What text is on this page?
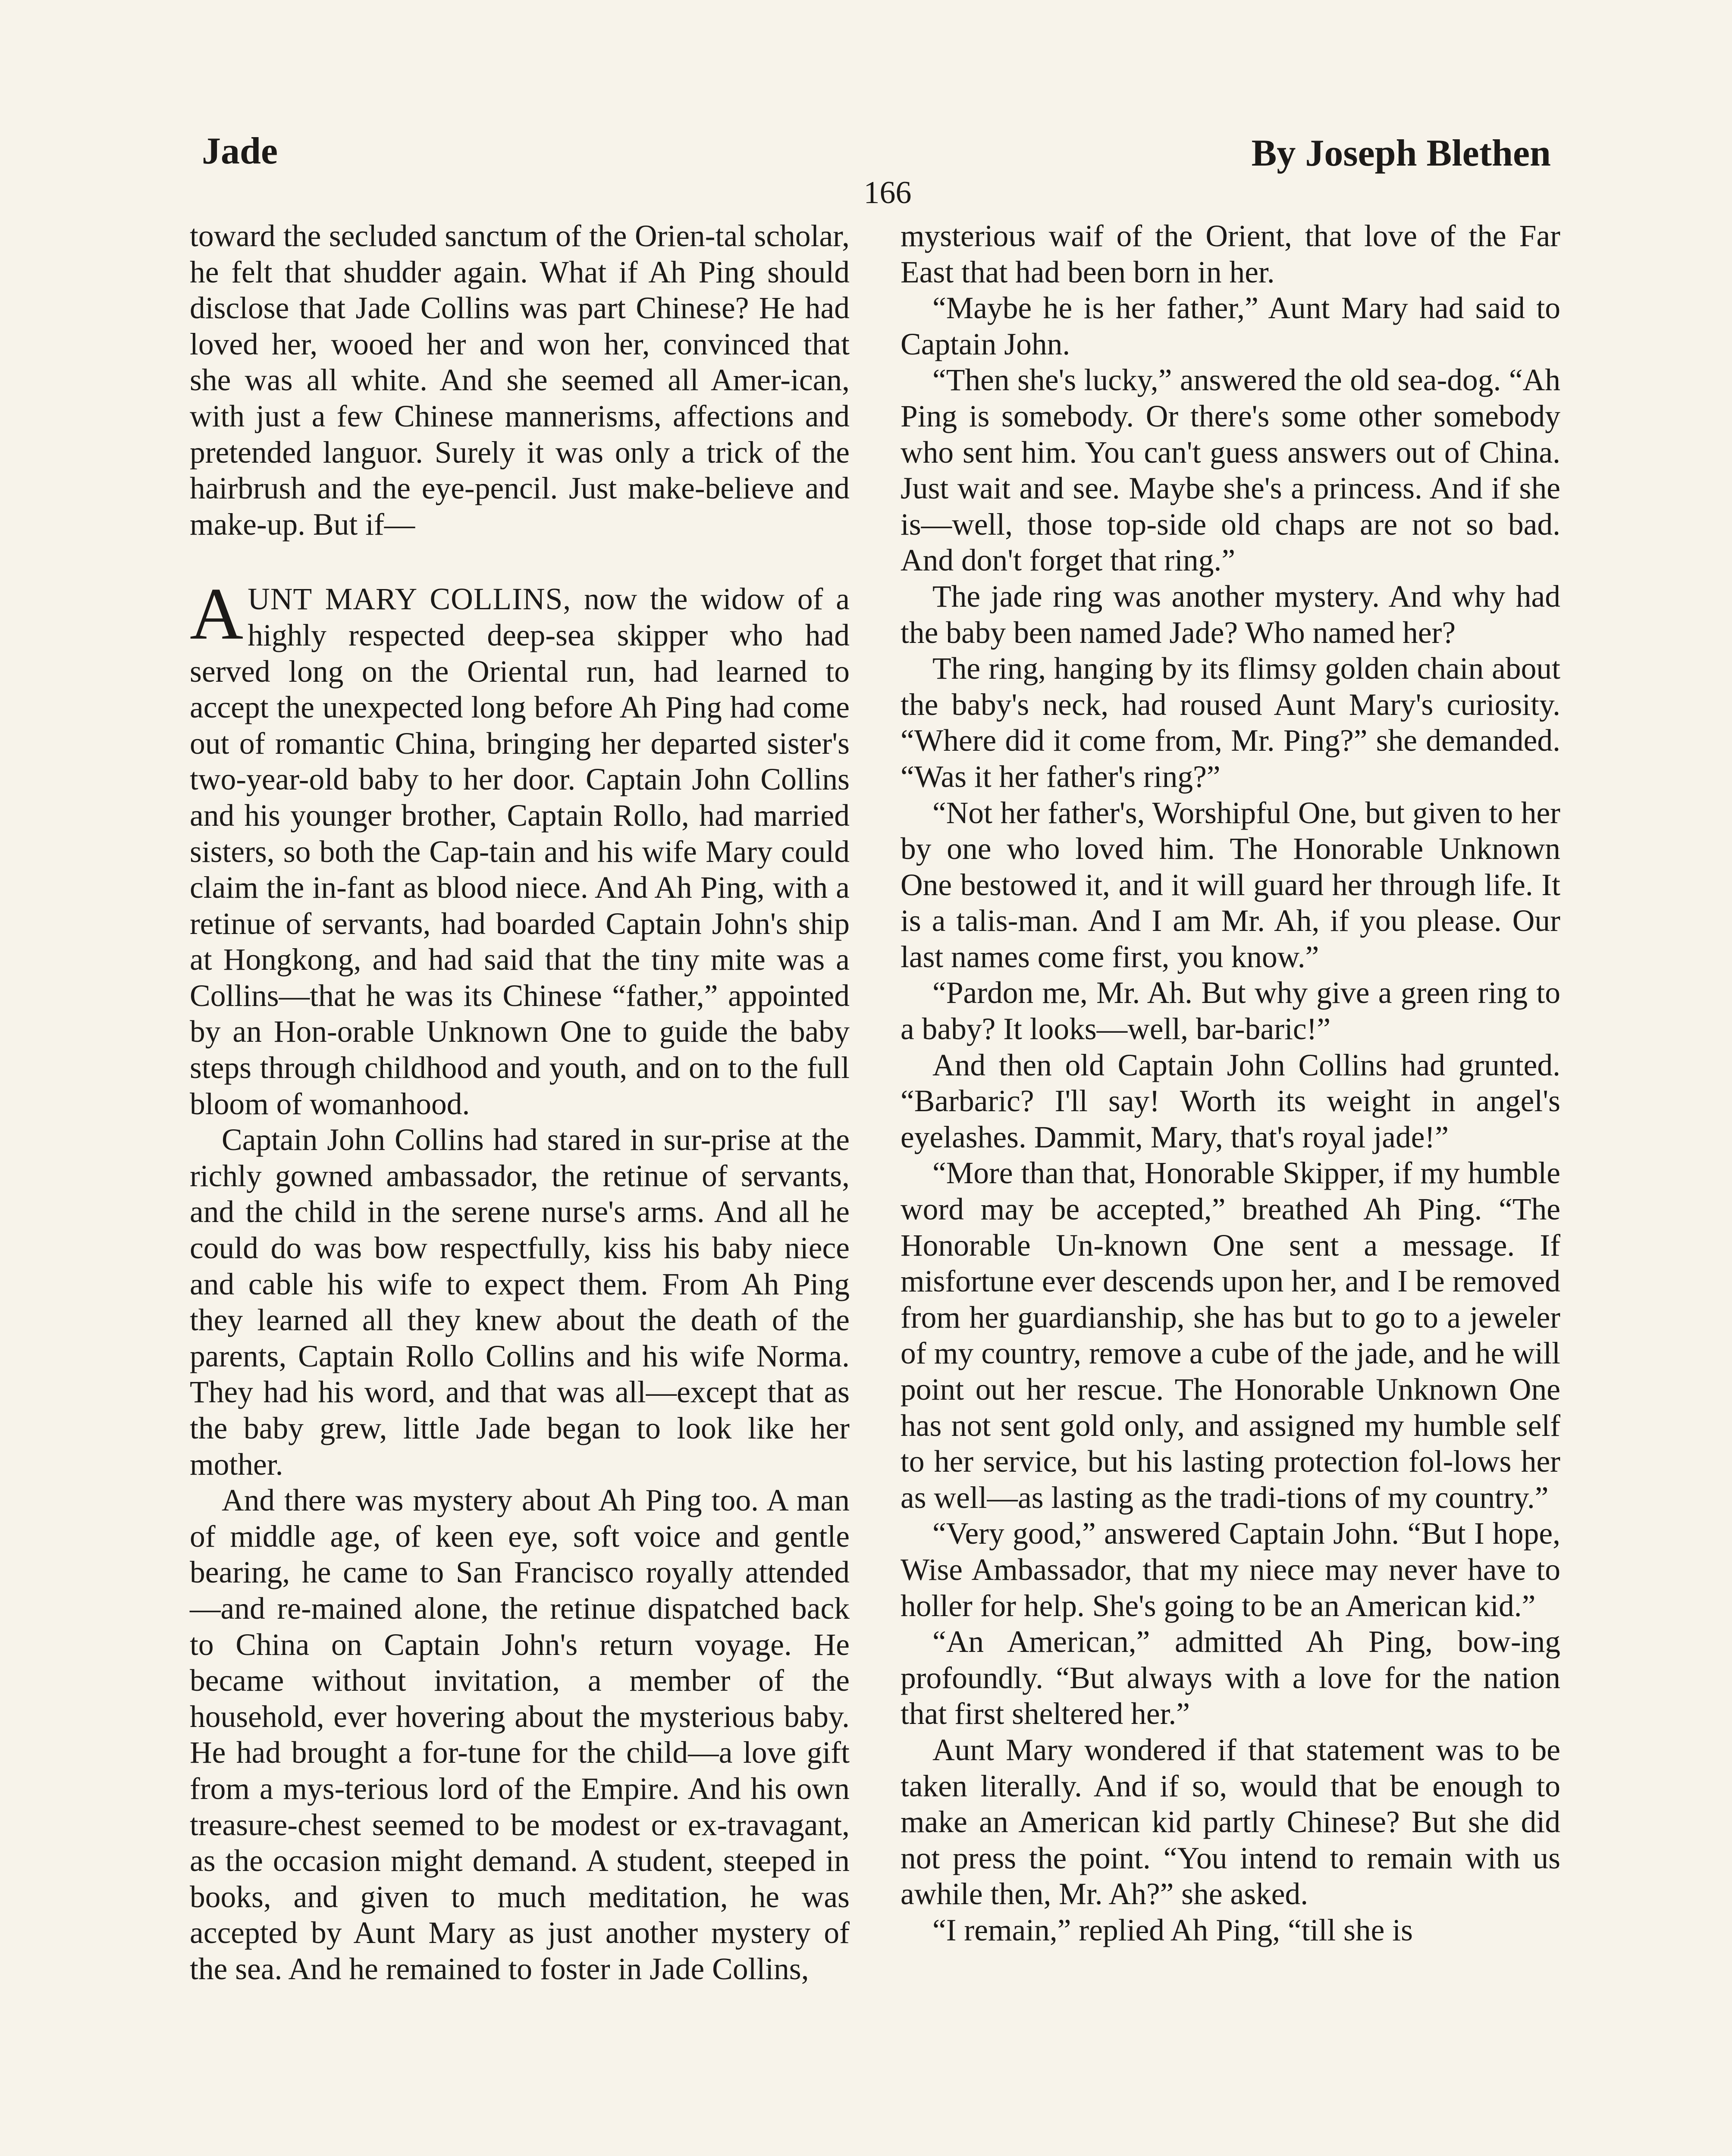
Jade	By Joseph Blethen
166

toward the secluded sanctum of the Orien-tal scholar, he felt that shudder again. What if Ah Ping should disclose that Jade Collins was part Chinese? He had loved her, wooed her and won her, convinced that she was all white. And she seemed all Amer-ican, with just a few Chinese mannerisms, affections and pretended languor. Surely it was only a trick of the hairbrush and the eye-pencil. Just make-believe and make-up. But if—

AUNT MARY COLLINS, now the widow of a highly respected deep-sea skipper who had served long on the Oriental run, had learned to accept the unexpected long before Ah Ping had come out of romantic China, bringing her departed sister's two-year-old baby to her door. Captain John Collins and his younger brother, Captain Rollo, had married sisters, so both the Cap-tain and his wife Mary could claim the in-fant as blood niece. And Ah Ping, with a retinue of servants, had boarded Captain John's ship at Hongkong, and had said that the tiny mite was a Collins—that he was its Chinese “father,” appointed by an Hon-orable Unknown One to guide the baby steps through childhood and youth, and on to the full bloom of womanhood.

Captain John Collins had stared in sur-prise at the richly gowned ambassador, the retinue of servants, and the child in the serene nurse's arms. And all he could do was bow respectfully, kiss his baby niece and cable his wife to expect them. From Ah Ping they learned all they knew about the death of the parents, Captain Rollo Collins and his wife Norma. They had his word, and that was all—except that as the baby grew, little Jade began to look like her mother.

And there was mystery about Ah Ping too. A man of middle age, of keen eye, soft voice and gentle bearing, he came to San Francisco royally attended—and re-mained alone, the retinue dispatched back to China on Captain John's return voyage. He became without invitation, a member of the household, ever hovering about the mysterious baby. He had brought a for-tune for the child—a love gift from a mys-terious lord of the Empire. And his own treasure-chest seemed to be modest or ex-travagant, as the occasion might demand. A student, steeped in books, and given to much meditation, he was accepted by Aunt Mary as just another mystery of the sea. And he remained to foster in Jade Collins,

mysterious waif of the Orient, that love of the Far East that had been born in her.

“Maybe he is her father,” Aunt Mary had said to Captain John.

“Then she's lucky,” answered the old sea-dog. “Ah Ping is somebody. Or there's some other somebody who sent him. You can't guess answers out of China. Just wait and see. Maybe she's a princess. And if she is—well, those top-side old chaps are not so bad. And don't forget that ring.”

The jade ring was another mystery. And why had the baby been named Jade? Who named her?

The ring, hanging by its flimsy golden chain about the baby's neck, had roused Aunt Mary's curiosity. “Where did it come from, Mr. Ping?” she demanded. “Was it her father's ring?”

“Not her father's, Worshipful One, but given to her by one who loved him. The Honorable Unknown One bestowed it, and it will guard her through life. It is a talis-man. And I am Mr. Ah, if you please. Our last names come first, you know.”

“Pardon me, Mr. Ah. But why give a green ring to a baby? It looks—well, bar-baric!”

And then old Captain John Collins had grunted. “Barbaric? I'll say! Worth its weight in angel's eyelashes. Dammit, Mary, that's royal jade!”

“More than that, Honorable Skipper, if my humble word may be accepted,” breathed Ah Ping. “The Honorable Un-known One sent a message. If misfortune ever descends upon her, and I be removed from her guardianship, she has but to go to a jeweler of my country, remove a cube of the jade, and he will point out her rescue. The Honorable Unknown One has not sent gold only, and assigned my humble self to her service, but his lasting protection fol-lows her as well—as lasting as the tradi-tions of my country.”

“Very good,” answered Captain John. “But I hope, Wise Ambassador, that my niece may never have to holler for help. She's going to be an American kid.”

“An American,” admitted Ah Ping, bow-ing profoundly. “But always with a love for the nation that first sheltered her.”

Aunt Mary wondered if that statement was to be taken literally. And if so, would that be enough to make an American kid partly Chinese? But she did not press the point. “You intend to remain with us awhile then, Mr. Ah?” she asked.

“I remain,” replied Ah Ping, “till she is
